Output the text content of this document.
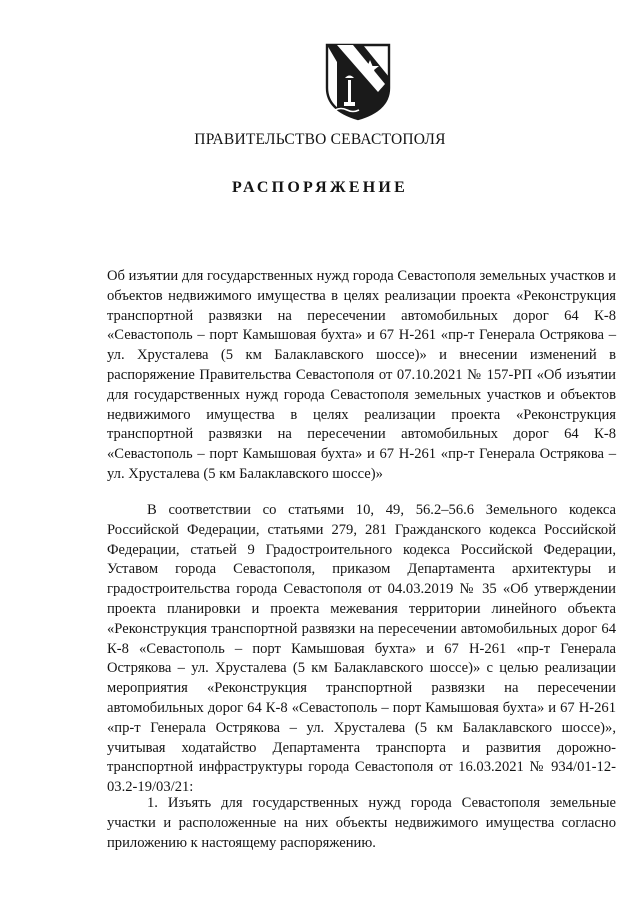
ПРАВИТЕЛЬСТВО СЕВАСТОПОЛЯ
РАСПОРЯЖЕНИЕ

Об изъятии для государственных нужд города Севастополя земельных участков и объектов недвижимого имущества в целях реализации проекта «Реконструкция транспортной развязки на пересечении автомобильных дорог 64 К-8 «Севастополь – порт Камышовая бухта» и 67 Н-261 «пр-т Генерала Острякова – ул. Хрусталева (5 км Балаклавского шоссе)» и внесении изменений в распоряжение Правительства Севастополя от 07.10.2021 № 157-РП «Об изъятии для государственных нужд города Севастополя земельных участков и объектов недвижимого имущества в целях реализации проекта «Реконструкция транспортной развязки на пересечении автомобильных дорог 64 К-8 «Севастополь – порт Камышовая бухта» и 67 Н-261 «пр-т Генерала Острякова – ул. Хрусталева (5 км Балаклавского шоссе)»

В соответствии со статьями 10, 49, 56.2–56.6 Земельного кодекса Российской Федерации, статьями 279, 281 Гражданского кодекса Российской Федерации, статьей 9 Градостроительного кодекса Российской Федерации, Уставом города Севастополя, приказом Департамента архитектуры и градостроительства города Севастополя от 04.03.2019 № 35 «Об утверждении проекта планировки и проекта межевания территории линейного объекта «Реконструкция транспортной развязки на пересечении автомобильных дорог 64 К-8 «Севастополь – порт Камышовая бухта» и 67 Н-261 «пр-т Генерала Острякова – ул. Хрусталева (5 км Балаклавского шоссе)» с целью реализации мероприятия «Реконструкция транспортной развязки на пересечении автомобильных дорог 64 К-8 «Севастополь – порт Камышовая бухта» и 67 Н-261 «пр-т Генерала Острякова – ул. Хрусталева (5 км Балаклавского шоссе)», учитывая ходатайство Департамента транспорта и развития дорожно-транспортной инфраструктуры города Севастополя от 16.03.2021 № 934/01-12-03.2-19/03/21:

1. Изъять для государственных нужд города Севастополя земельные участки и расположенные на них объекты недвижимого имущества согласно приложению к настоящему распоряжению.
